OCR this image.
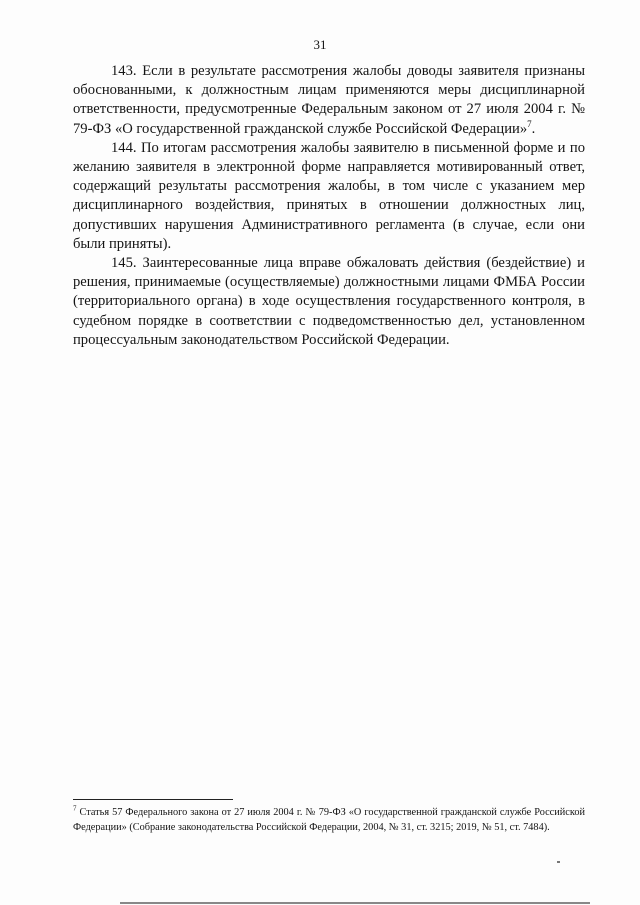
31

143. Если в результате рассмотрения жалобы доводы заявителя признаны обоснованными, к должностным лицам применяются меры дисциплинарной ответственности, предусмотренные Федеральным законом от 27 июля 2004 г. № 79-ФЗ «О государственной гражданской службе Российской Федерации»$^7$.

144. По итогам рассмотрения жалобы заявителю в письменной форме и по желанию заявителя в электронной форме направляется мотивированный ответ, содержащий результаты рассмотрения жалобы, в том числе с указанием мер дисциплинарного воздействия, принятых в отношении должностных лиц, допустивших нарушения Административного регламента (в случае, если они были приняты).

145. Заинтересованные лица вправе обжаловать действия (бездействие) и решения, принимаемые (осуществляемые) должностными лицами ФМБА России (территориального органа) в ходе осуществления государственного контроля, в судебном порядке в соответствии с подведомственностью дел, установленном процессуальным законодательством Российской Федерации.

$^7$ Статья 57 Федерального закона от 27 июля 2004 г. № 79-ФЗ «О государственной гражданской службе Российской Федерации» (Собрание законодательства Российской Федерации, 2004, № 31, ст. 3215; 2019, № 51, ст. 7484).
